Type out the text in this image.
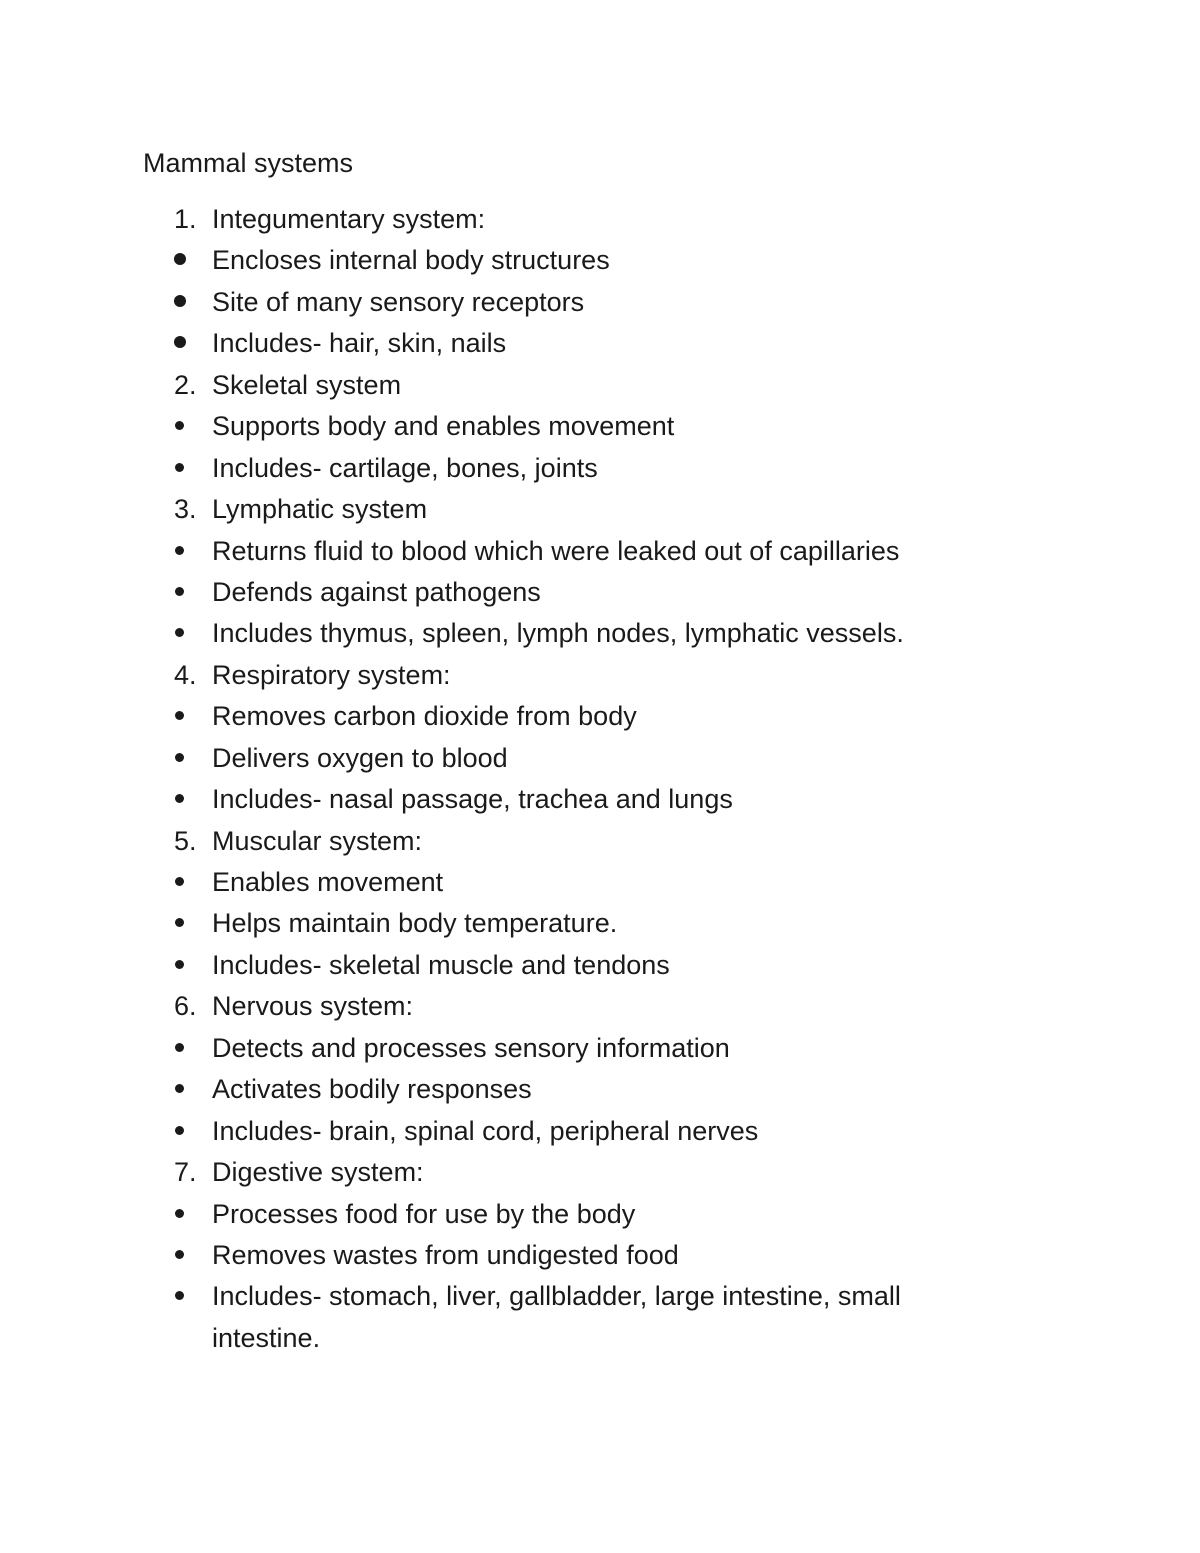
Mammal systems
1. Integumentary system:
Encloses internal body structures
Site of many sensory receptors
Includes- hair, skin, nails
2. Skeletal system
Supports body and enables movement
Includes- cartilage, bones, joints
3. Lymphatic system
Returns fluid to blood which were leaked out of capillaries
Defends against pathogens
Includes thymus, spleen, lymph nodes, lymphatic vessels.
4. Respiratory system:
Removes carbon dioxide from body
Delivers oxygen to blood
Includes- nasal passage, trachea and lungs
5. Muscular system:
Enables movement
Helps maintain body temperature.
Includes- skeletal muscle and tendons
6. Nervous system:
Detects and processes sensory information
Activates bodily responses
Includes- brain, spinal cord, peripheral nerves
7. Digestive system:
Processes food for use by the body
Removes wastes from undigested food
Includes- stomach, liver, gallbladder, large intestine, small
intestine.
